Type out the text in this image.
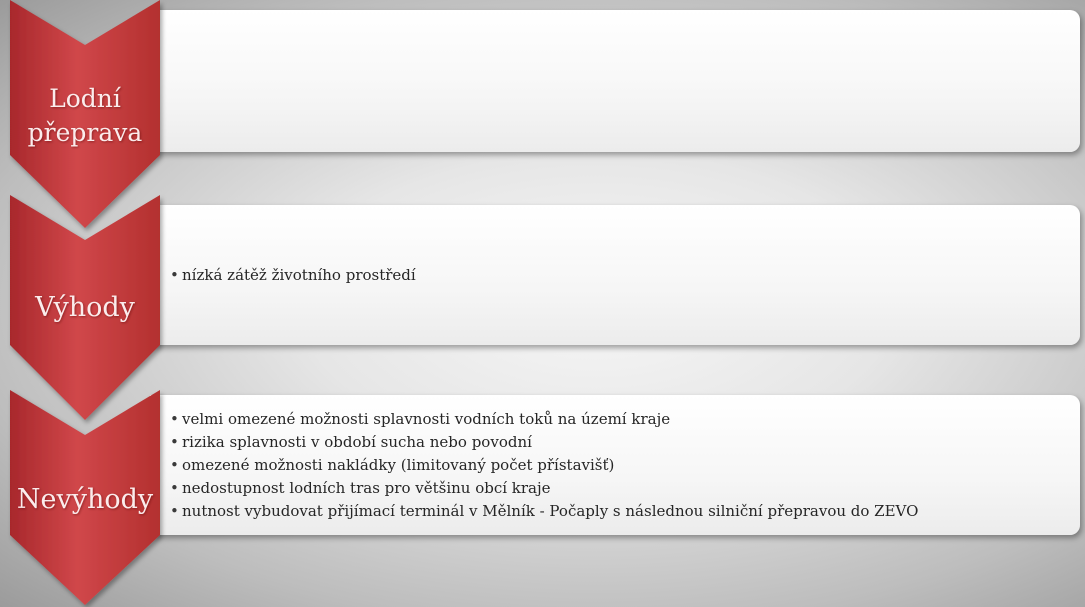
• nízká zátěž životního prostředí
• velmi omezené možnosti splavnosti vodních toků na území kraje
• rizika splavnosti v období sucha nebo povodní
• omezené možnosti nakládky (limitovaný počet přístavišť)
• nedostupnost lodních tras pro většinu obcí kraje
• nutnost vybudovat přijímací terminál v Mělník - Počaply s následnou silniční přepravou do ZEVO
Lodní
přeprava
Výhody
Nevýhody
